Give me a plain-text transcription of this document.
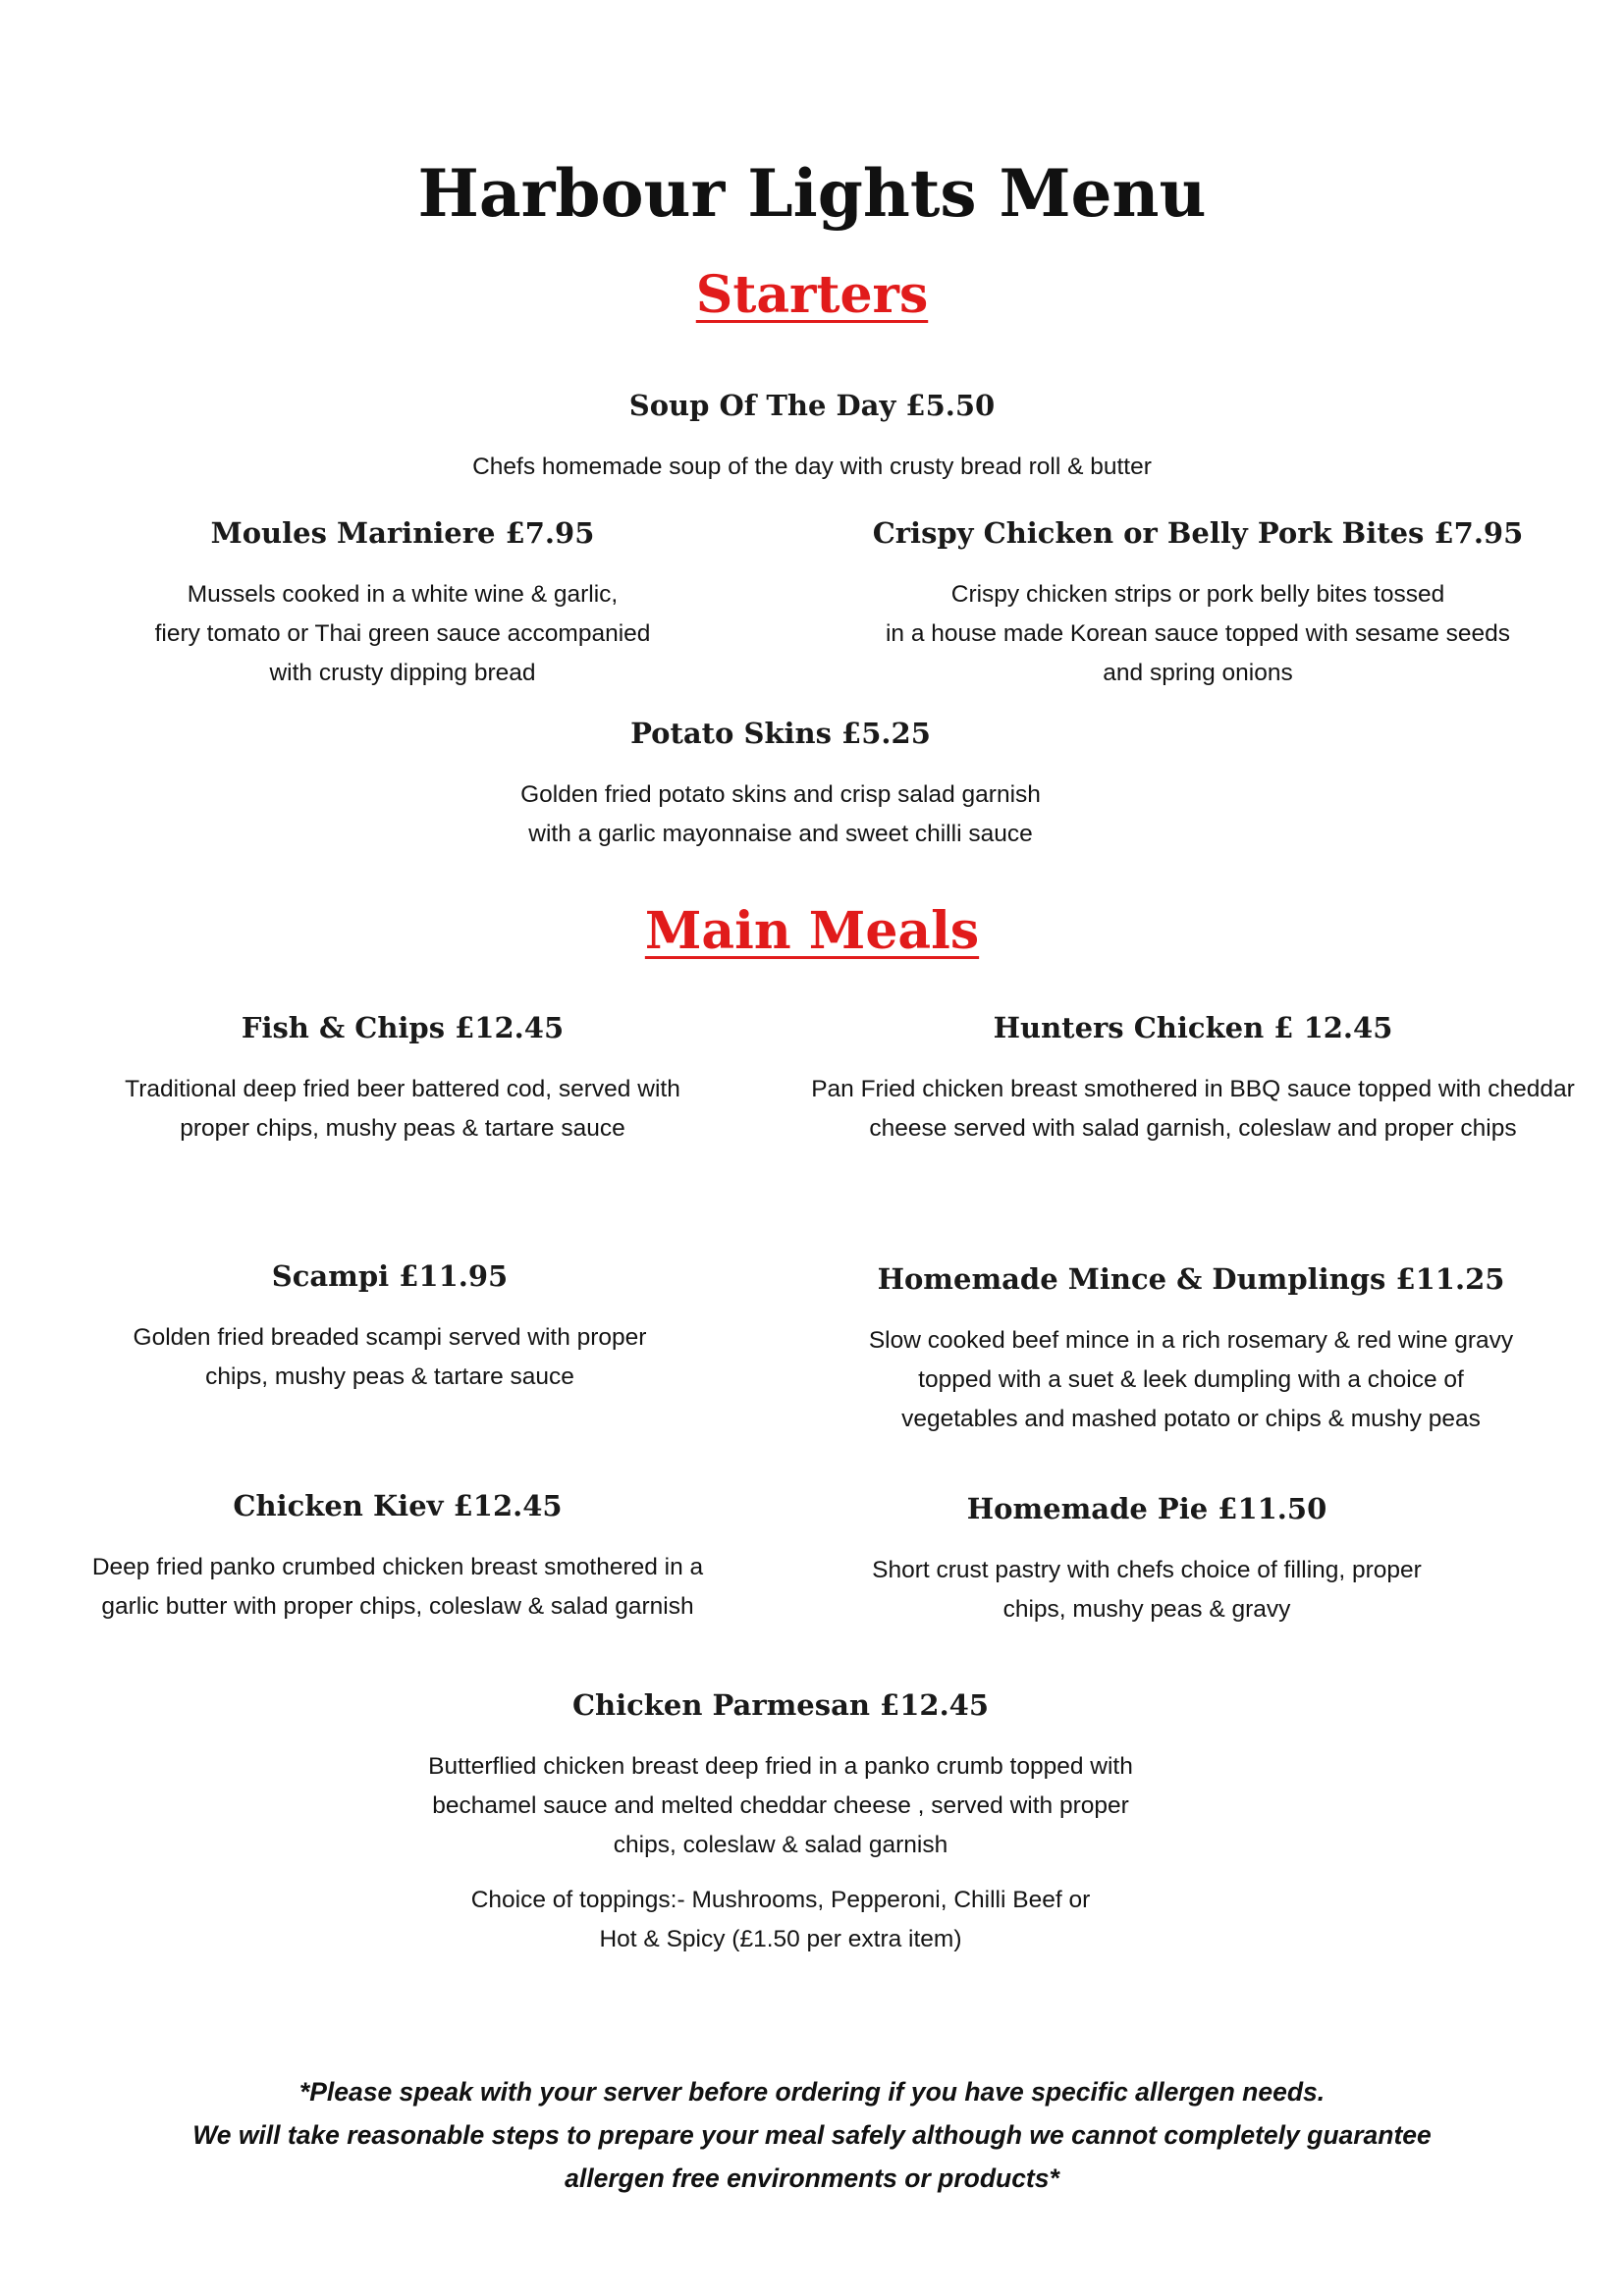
Harbour Lights Menu
Starters
Soup Of The Day £5.50
Chefs homemade soup of the day with crusty bread roll & butter
Moules Mariniere £7.95
Mussels cooked in a white wine & garlic,
fiery tomato or Thai green sauce accompanied
with crusty dipping bread
Crispy Chicken or Belly Pork Bites £7.95
Crispy chicken strips or pork belly bites tossed
in a house made Korean sauce topped with sesame seeds
and spring onions
Potato Skins £5.25
Golden fried potato skins and crisp salad garnish
with a garlic mayonnaise and sweet chilli sauce
Main Meals
Fish & Chips £12.45
Traditional deep fried beer battered cod, served with
proper chips, mushy peas & tartare sauce
Hunters Chicken £ 12.45
Pan Fried chicken breast smothered in BBQ sauce topped with cheddar
cheese served with salad garnish, coleslaw and proper chips
Scampi £11.95
Golden fried breaded scampi served with proper
chips, mushy peas & tartare sauce
Homemade Mince & Dumplings £11.25
Slow cooked beef mince in a rich rosemary & red wine gravy
topped with a suet & leek dumpling with a choice of
vegetables and mashed potato or chips & mushy peas
Chicken Kiev £12.45
Deep fried panko crumbed chicken breast smothered in a
garlic butter with proper chips, coleslaw & salad garnish
Homemade Pie £11.50
Short crust pastry with chefs choice of filling, proper
chips, mushy peas & gravy
Chicken Parmesan £12.45
Butterflied chicken breast deep fried in a panko crumb topped with
bechamel sauce and melted cheddar cheese , served with proper
chips, coleslaw & salad garnish
Choice of toppings:- Mushrooms, Pepperoni, Chilli Beef or
Hot & Spicy (£1.50 per extra item)
*Please speak with your server before ordering if you have specific allergen needs.
We will take reasonable steps to prepare your meal safely although we cannot completely guarantee
allergen free environments or products*
